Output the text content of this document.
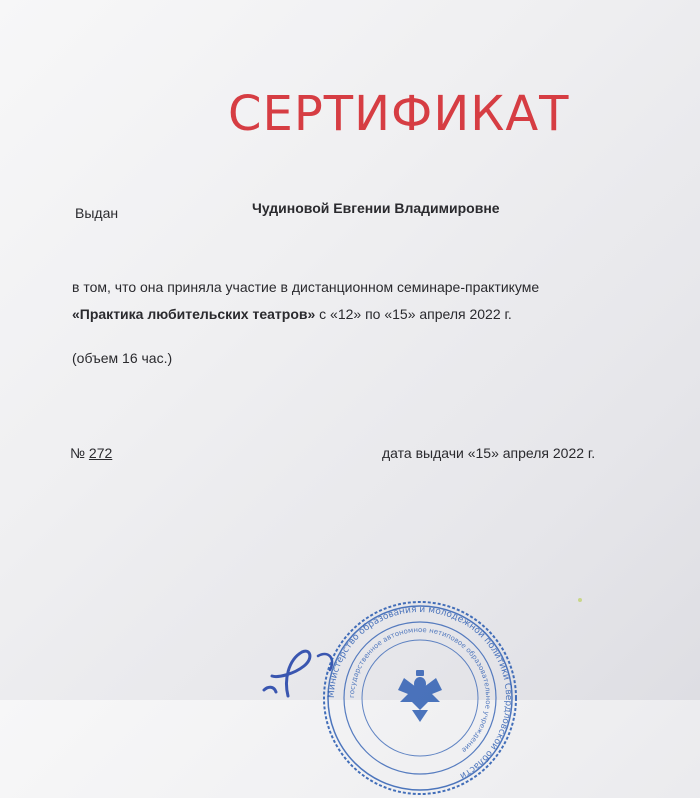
СЕРТИФИКАТ
Выдан	Чудиновой Евгении Владимировне
в том, что она приняла участие в дистанционном семинаре-практикуме
«Практика любительских театров» с «12» по «15» апреля 2022 г.
(объем 16 час.)
№ 272	дата выдачи «15» апреля 2022 г.
Министерство образования и молодежной политики Свердловской области
государственное автономное нетиповое образовательное учреждение
